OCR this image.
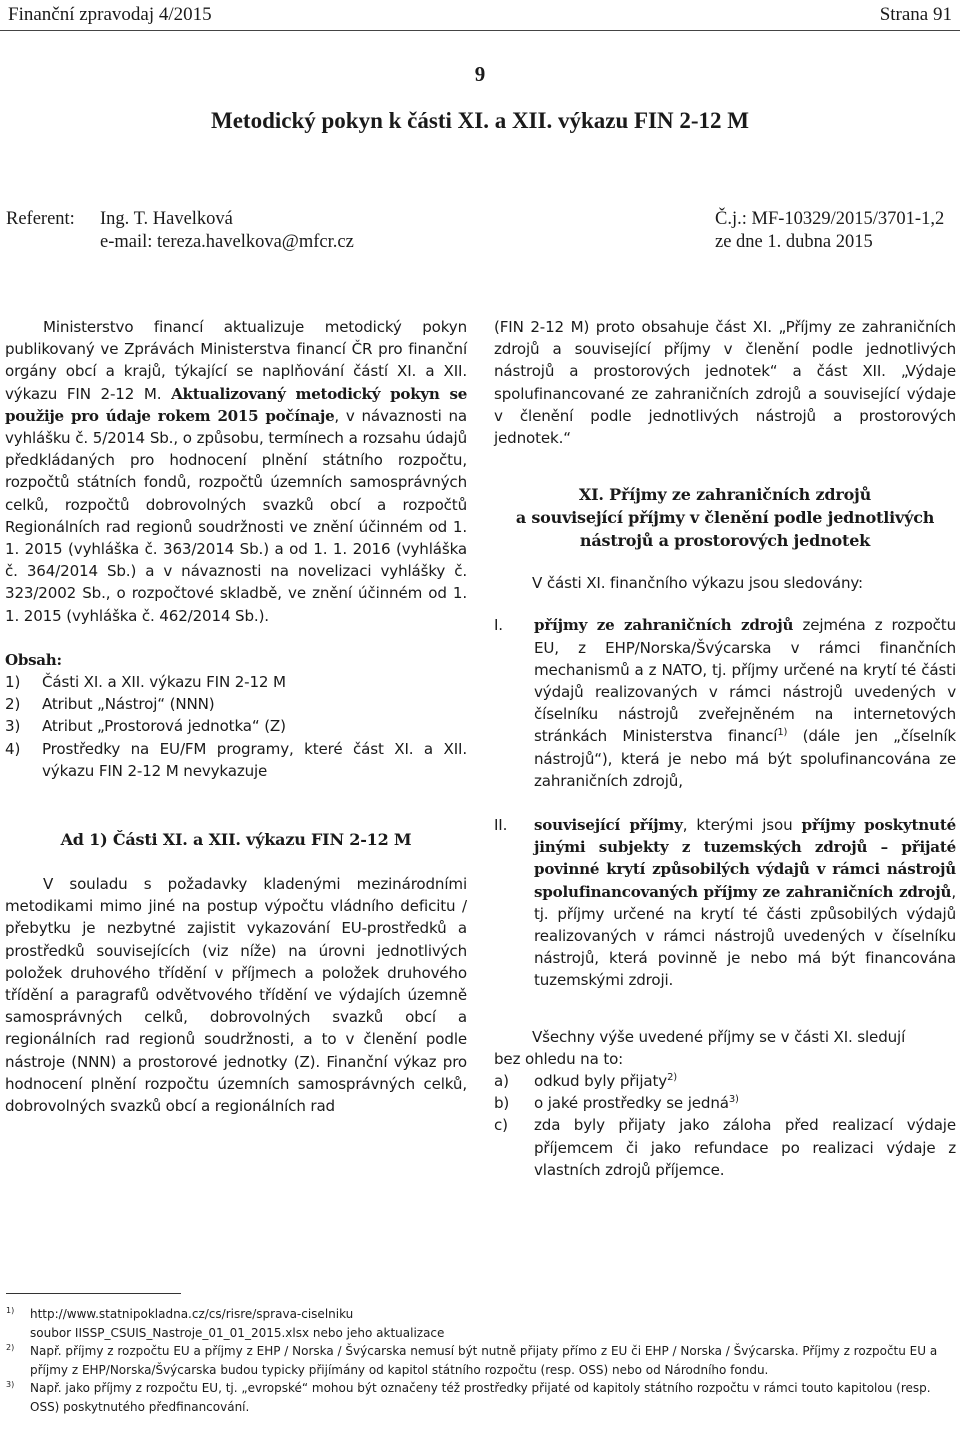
Finanční zpravodaj 4/2015	Strana 91
9
Metodický pokyn k části XI. a XII. výkazu FIN 2-12 M
Referent: Ing. T. Havelková
e-mail: tereza.havelkova@mfcr.cz
Č.j.: MF-10329/2015/3701-1,2
ze dne 1. dubna 2015

Ministerstvo financí aktualizuje metodický pokyn publikovaný ve Zprávách Ministerstva financí ČR pro finanční orgány obcí a krajů, týkající se naplňování částí XI. a XII. výkazu FIN 2-12 M. Aktualizovaný metodický pokyn se použije pro údaje rokem 2015 počínaje, v návaznosti na vyhlášku č. 5/2014 Sb., o způsobu, termínech a rozsahu údajů předkládaných pro hodnocení plnění státního rozpočtu, rozpočtů státních fondů, rozpočtů územních samosprávných celků, rozpočtů dobrovolných svazků obcí a rozpočtů Regionálních rad regionů soudržnosti ve znění účinném od 1. 1. 2015 (vyhláška č. 363/2014 Sb.) a od 1. 1. 2016 (vyhláška č. 364/2014 Sb.) a v návaznosti na novelizaci vyhlášky č. 323/2002 Sb., o rozpočtové skladbě, ve znění účinném od 1. 1. 2015 (vyhláška č. 462/2014 Sb.).

Obsah:

1)	Části XI. a XII. výkazu FIN 2-12 M
2)	Atribut „Nástroj“ (NNN)
3)	Atribut „Prostorová jednotka“ (Z)
4)	Prostředky na EU/FM programy, které část XI. a XII. výkazu FIN 2-12 M nevykazuje

Ad 1) Části XI. a XII. výkazu FIN 2-12 M

V souladu s požadavky kladenými mezinárodními metodikami mimo jiné na postup výpočtu vládního deficitu / přebytku je nezbytné zajistit vykazování EU-prostředků a prostředků souvisejících (viz níže) na úrovni jednotlivých položek druhového třídění v příjmech a položek druhového třídění a paragrafů odvětvového třídění ve výdajích územně samosprávných celků, dobrovolných svazků obcí a regionálních rad regionů soudržnosti, a to v členění podle nástroje (NNN) a prostorové jednotky (Z). Finanční výkaz pro hodnocení plnění rozpočtu územních samosprávných celků, dobrovolných svazků obcí a regionálních rad

(FIN 2-12 M) proto obsahuje část XI. „Příjmy ze zahraničních zdrojů a související příjmy v členění podle jednotlivých nástrojů a prostorových jednotek“ a část XII. „Výdaje spolufinancované ze zahraničních zdrojů a související výdaje v členění podle jednotlivých nástrojů a prostorových jednotek.“

XI. Příjmy ze zahraničních zdrojů

a související příjmy v členění podle jednotlivých

nástrojů a prostorových jednotek

V části XI. finančního výkazu jsou sledovány:

I.	příjmy ze zahraničních zdrojů zejména z rozpočtu EU, z EHP/Norska/Švýcarska v rámci finančních mechanismů a z NATO, tj. příjmy určené na krytí té části výdajů realizovaných v rámci nástrojů uvedených v číselníku nástrojů zveřejněném na internetových stránkách Ministerstva financí$^{1)}$ (dále jen „číselník nástrojů“), která je nebo má být spolufinancována ze zahraničních zdrojů,

II.	související příjmy, kterými jsou příjmy poskytnuté jinými subjekty z tuzemských zdrojů – přijaté povinné krytí způsobilých výdajů v rámci nástrojů spolufinancovaných příjmy ze zahraničních zdrojů, tj. příjmy určené na krytí té části způsobilých výdajů realizovaných v rámci nástrojů uvedených v číselníku nástrojů, která povinně je nebo má být financována tuzemskými zdroji.

Všechny výše uvedené příjmy se v části XI. sledují

bez ohledu na to:

a)	odkud byly přijaty$^{2)}$

b)	o jaké prostředky se jedná$^{3)}$

c)	zda byly přijaty jako záloha před realizací výdaje příjemcem či jako refundace po realizaci výdaje z vlastních zdrojů příjemce.

$^{1)}$	http://www.statnipokladna.cz/cs/risre/sprava-ciselniku
soubor IISSP_CSUIS_Nastroje_01_01_2015.xlsx nebo jeho aktualizace
$^{2)}$	Např. příjmy z rozpočtu EU a příjmy z EHP / Norska / Švýcarska nemusí být nutně přijaty přímo z EU či EHP / Norska / Švýcarska. Příjmy z rozpočtu EU a příjmy z EHP/Norska/Švýcarska budou typicky přijímány od kapitol státního rozpočtu (resp. OSS) nebo od Národního fondu.
$^{3)}$	Např. jako příjmy z rozpočtu EU, tj. „evropské“ mohou být označeny též prostředky přijaté od kapitoly státního rozpočtu v rámci touto kapitolou (resp. OSS) poskytnutého předfinancování.
